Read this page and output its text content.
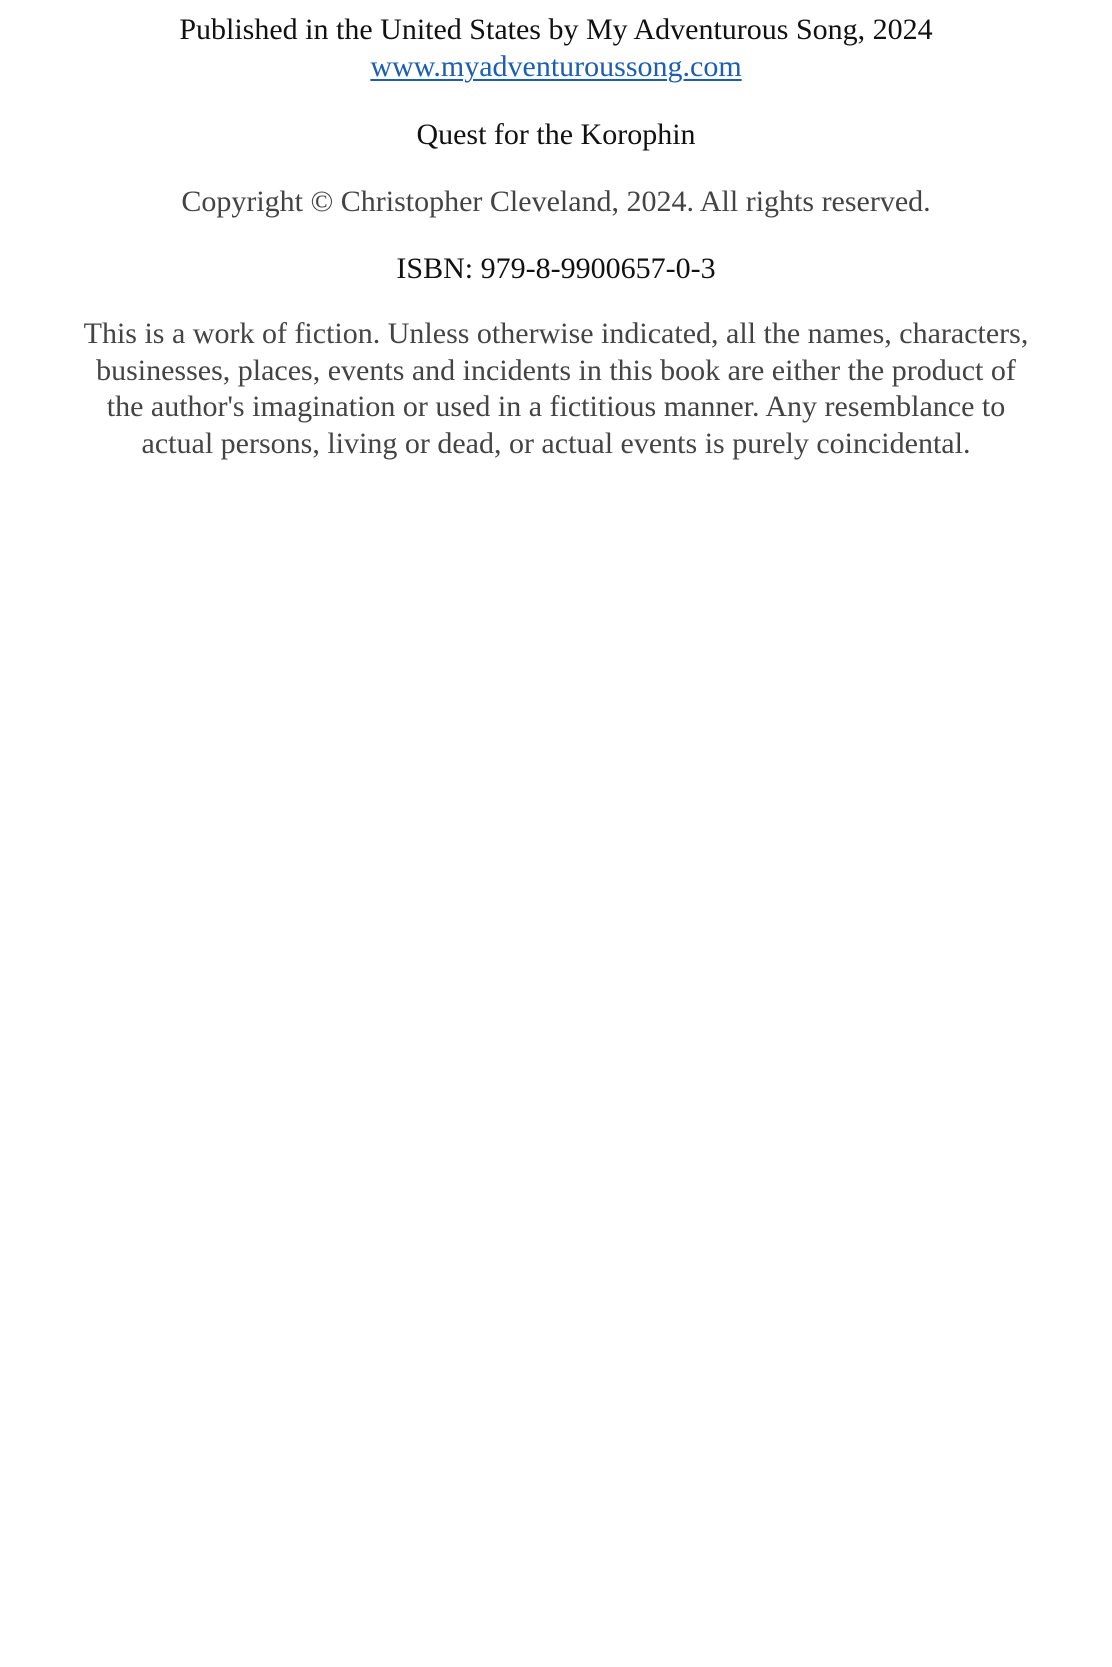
Published in the United States by My Adventurous Song, 2024
www.myadventuroussong.com
Quest for the Korophin
Copyright © Christopher Cleveland, 2024. All rights reserved.
ISBN: 979-8-9900657-0-3
This is a work of fiction. Unless otherwise indicated, all the names, characters,
businesses, places, events and incidents in this book are either the product of
the author's imagination or used in a fictitious manner. Any resemblance to
actual persons, living or dead, or actual events is purely coincidental.
